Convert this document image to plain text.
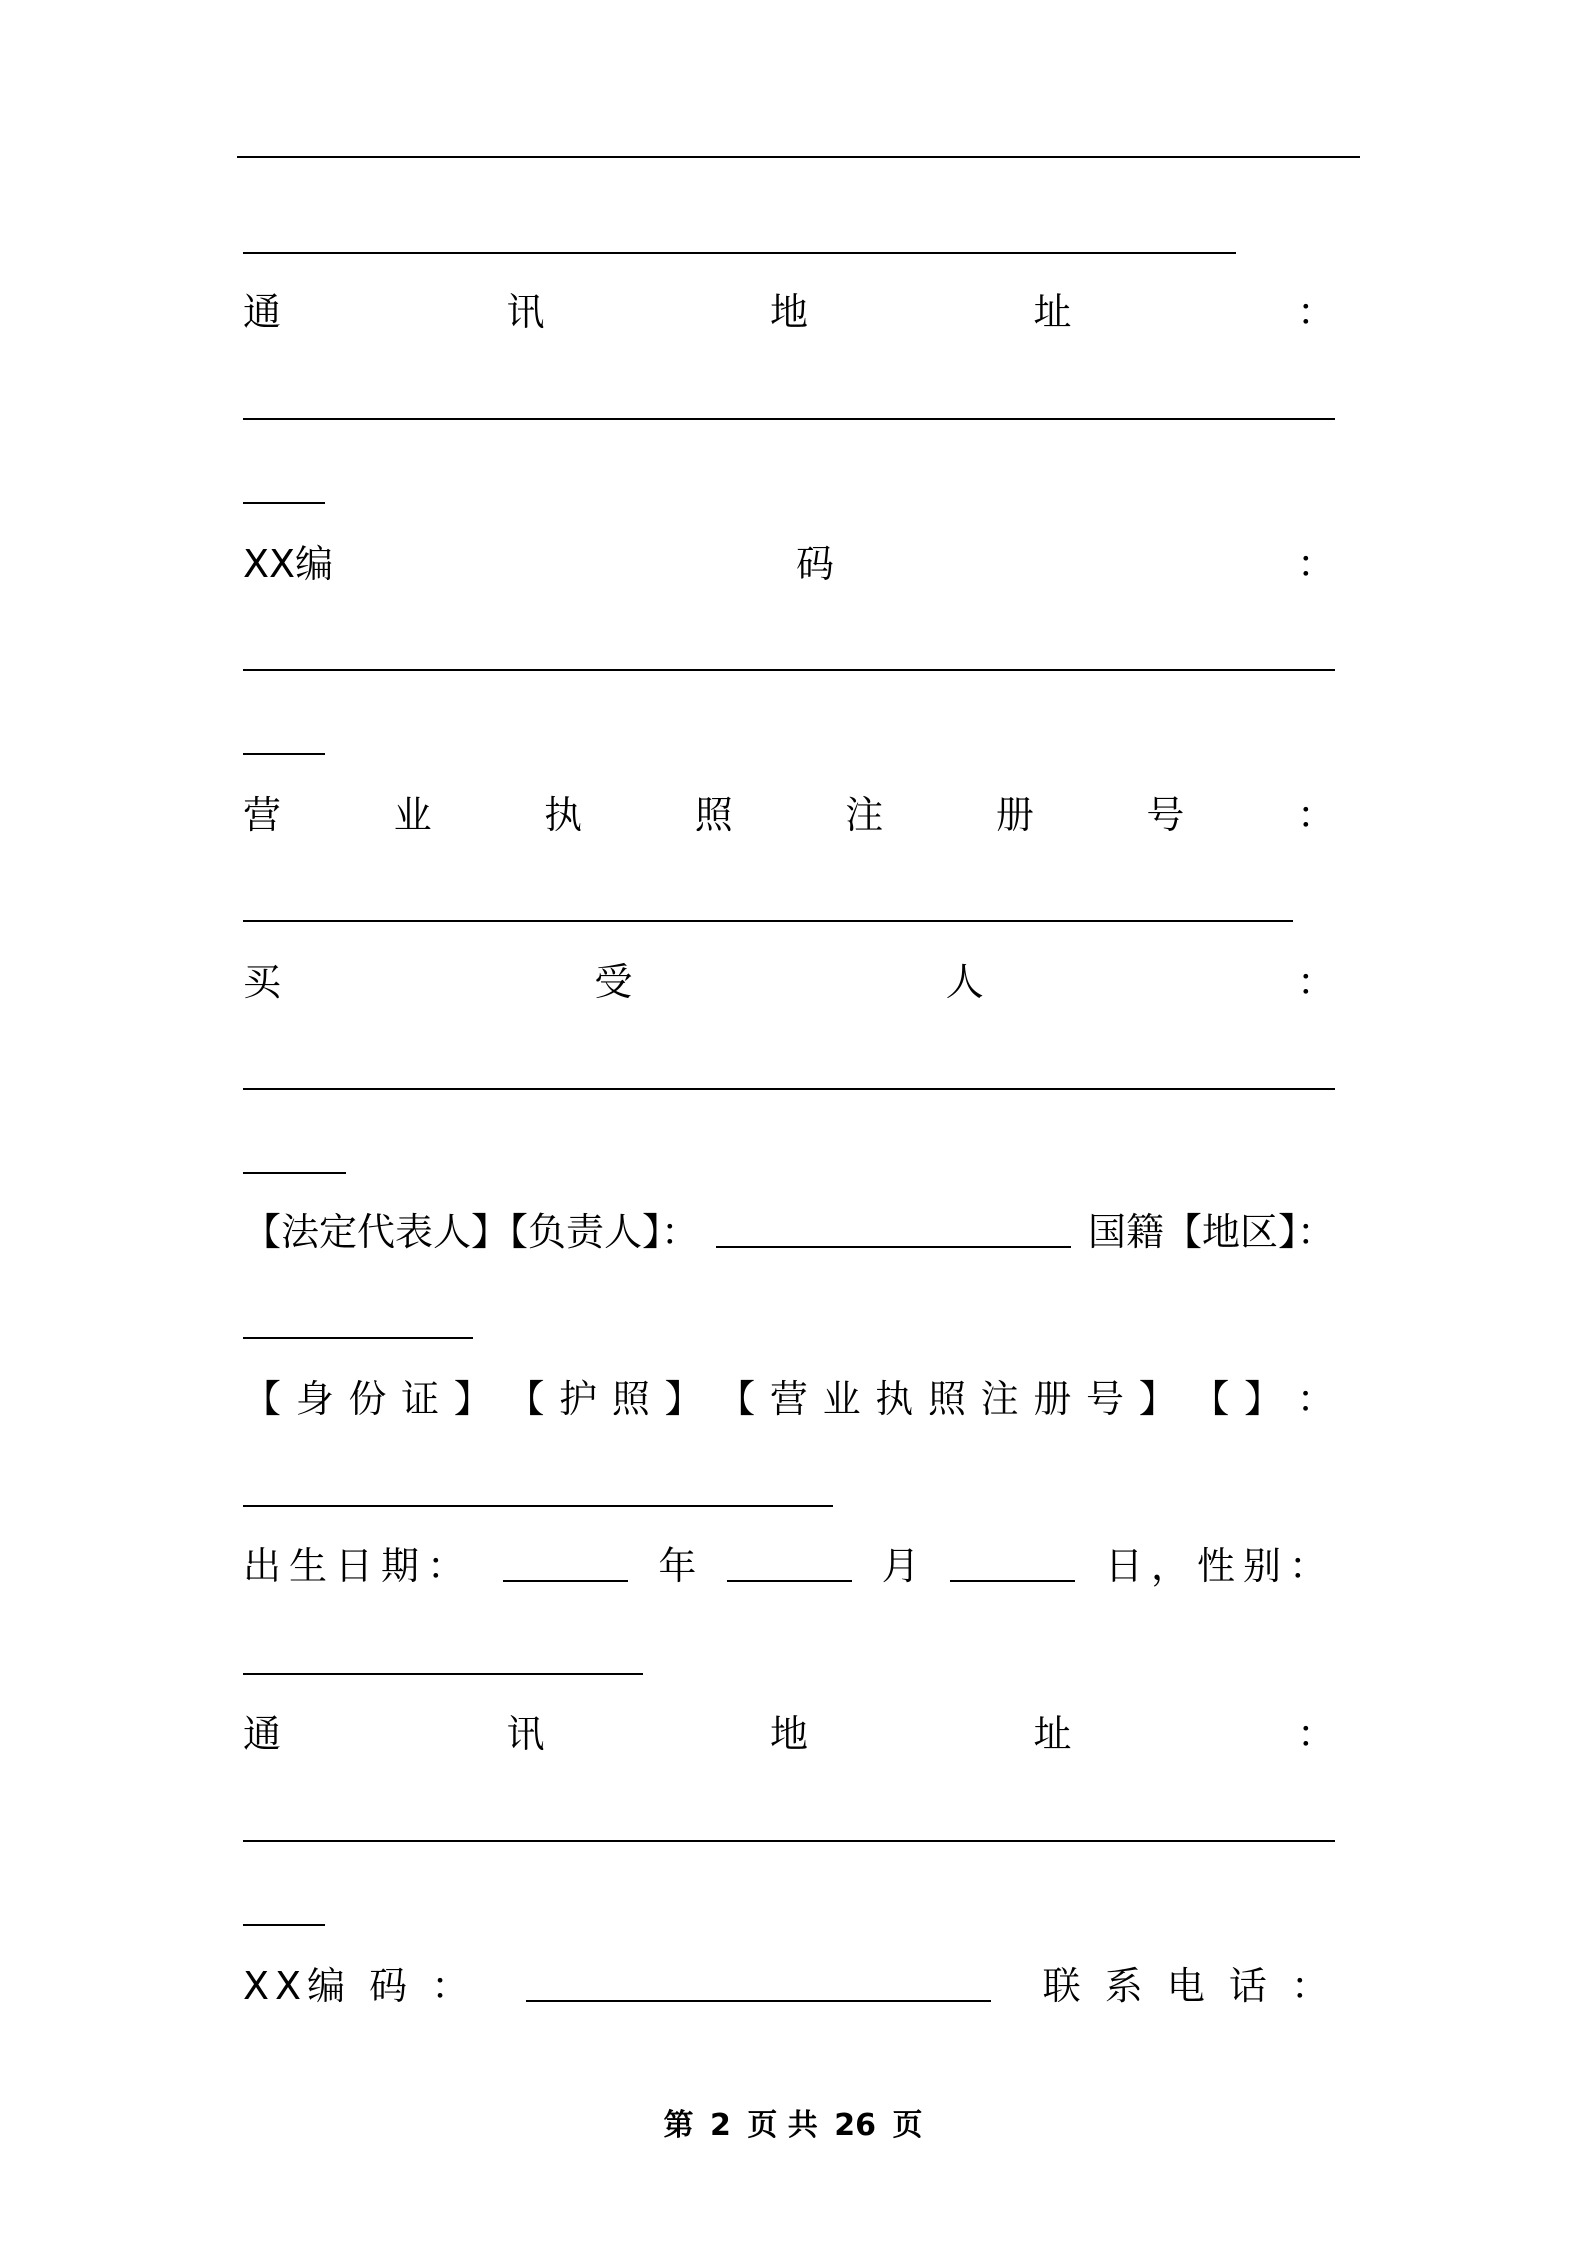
通	讯	地	址	：
XX编	码	：
营	业	执	照	注	册	号	：
买	受	人	：
【法定代表人】【负责人】：	国籍【地区】：
【 身 份 证 】 【 护 照 】 【 营 业 执 照 注 册 号 】 【 】 ：
出生日期：	年	月	日，性别：
通	讯	地	址	：
XX编 码 ：	联 系 电 话 ：
第 2 页 共 26 页
